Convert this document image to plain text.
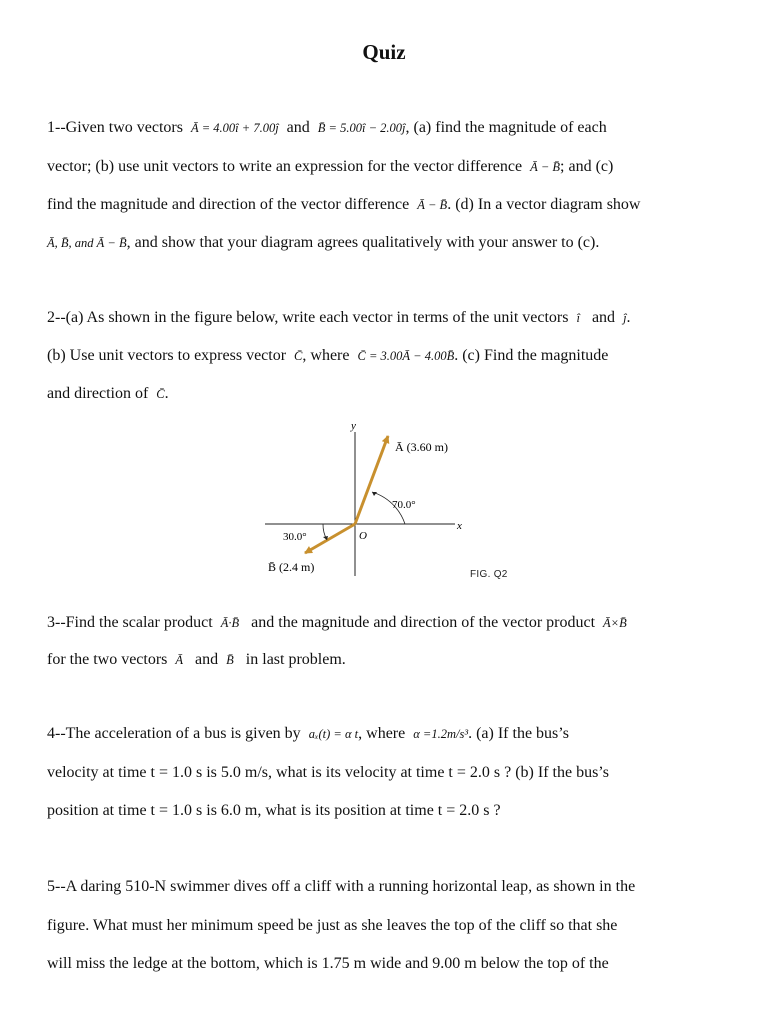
Quiz
1--Given two vectors Ā = 4.00î + 7.00ĵ and B̄ = 5.00î − 2.00ĵ, (a) find the magnitude of each
vector; (b) use unit vectors to write an expression for the vector difference Ā − B̄; and (c)
find the magnitude and direction of the vector difference Ā − B̄. (d) In a vector diagram show
Ā, B̄, and Ā − B̄, and show that your diagram agrees qualitatively with your answer to (c).
2--(a) As shown in the figure below, write each vector in terms of the unit vectors î and ĵ.
(b) Use unit vectors to express vector C̄, where C̄ = 3.00Ā − 4.00B̄. (c) Find the magnitude
and direction of C̄.
y
x
O
Ā (3.60 m)
70.0°
B̄ (2.4 m)
30.0°
FIG. Q2
3--Find the scalar product Ā·B̄ and the magnitude and direction of the vector product Ā×B̄
for the two vectors Ā and B̄ in last problem.
4--The acceleration of a bus is given by aₓ(t) = α t, where α =1.2m/s³. (a) If the bus’s
velocity at time t = 1.0 s is 5.0 m/s, what is its velocity at time t = 2.0 s ? (b) If the bus’s
position at time t = 1.0 s is 6.0 m, what is its position at time t = 2.0 s ?
5--A daring 510-N swimmer dives off a cliff with a running horizontal leap, as shown in the
figure. What must her minimum speed be just as she leaves the top of the cliff so that she
will miss the ledge at the bottom, which is 1.75 m wide and 9.00 m below the top of the
